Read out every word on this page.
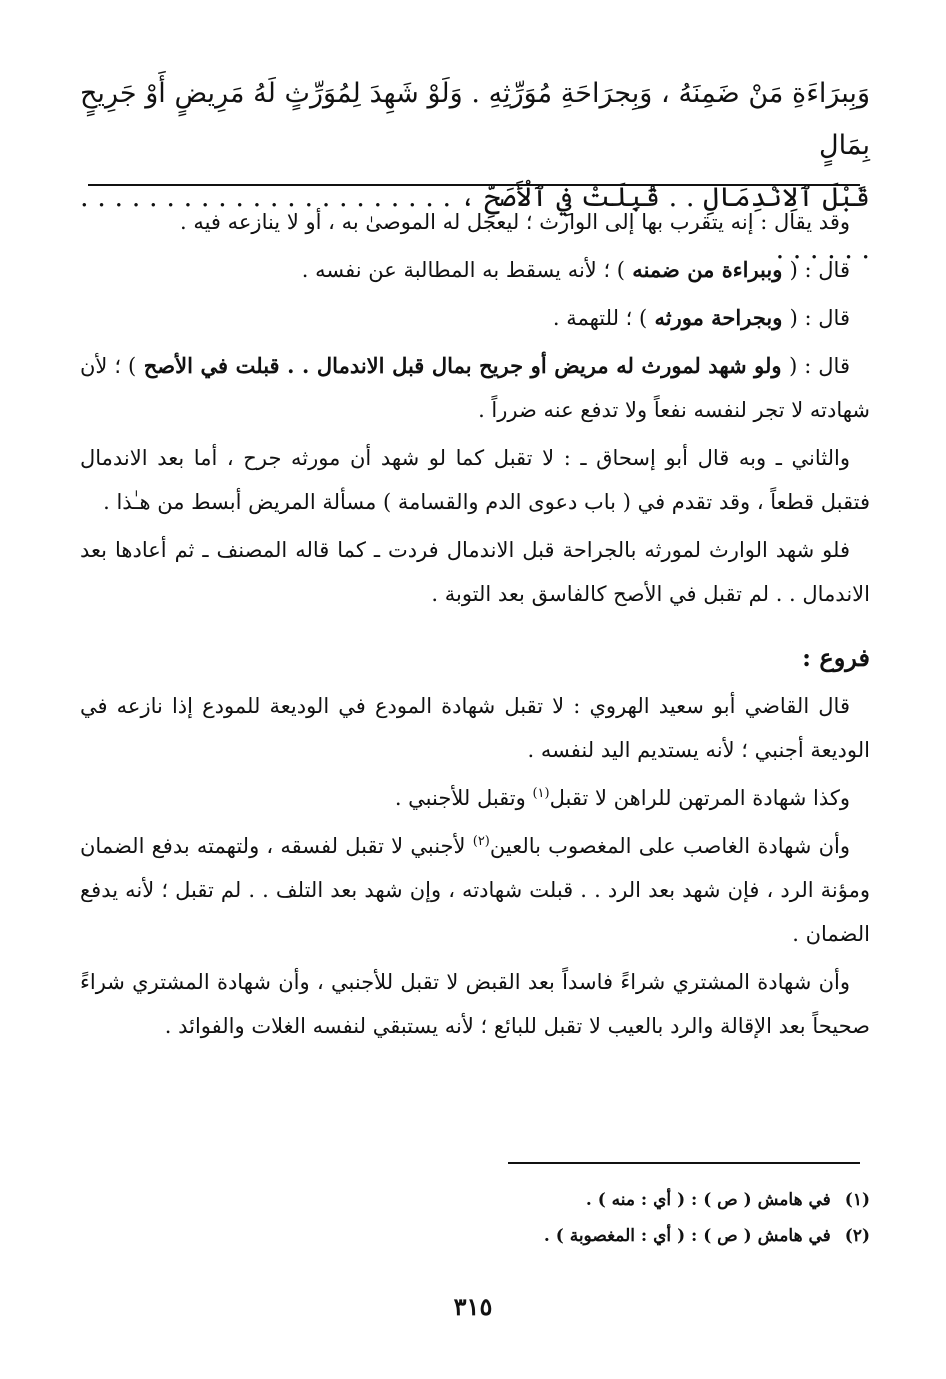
وَبِبرَاءَةِ مَنْ ضَمِنَهُ ، وَبِجرَاحَةِ مُوَرِّثِهِ . وَلَوْ شَهِدَ لِمُوَرِّثٍ لَهُ مَرِيضٍ أَوْ جَرِيحٍ بِمَالٍ

قَبْلَ ٱلِانْدِمَالِ . . قُبِلَتْ فِي ٱلْأَصَحِّ ، . . . . . . . . . . . . . . . . . . . . . . . . . . . .

وقد يقال : إنه يتقرب بها إلى الوارث ؛ ليعجل له الموصىٰ به ، أو لا ينازعه فيه .

قال : ( وببراءة من ضمنه ) ؛ لأنه يسقط به المطالبة عن نفسه .

قال : ( وبجراحة مورثه ) ؛ للتهمة .

قال : ( ولو شهد لمورث له مريض أو جريح بمال قبل الاندمال . . قبلت في الأصح ) ؛ لأن شهادته لا تجر لنفسه نفعاً ولا تدفع عنه ضرراً .

والثاني ـ وبه قال أبو إسحاق ـ : لا تقبل كما لو شهد أن مورثه جرح ، أما بعد الاندمال فتقبل قطعاً ، وقد تقدم في ( باب دعوى الدم والقسامة ) مسألة المريض أبسط من هـٰذا .

فلو شهد الوارث لمورثه بالجراحة قبل الاندمال فردت ـ كما قاله المصنف ـ ثم أعادها بعد الاندمال . . لم تقبل في الأصح كالفاسق بعد التوبة .

فروع :

قال القاضي أبو سعيد الهروي : لا تقبل شهادة المودع في الوديعة للمودع إذا نازعه في الوديعة أجنبي ؛ لأنه يستديم اليد لنفسه .

وكذا شهادة المرتهن للراهن لا تقبل$^{(١)}$ وتقبل للأجنبي .

وأن شهادة الغاصب على المغصوب بالعين$^{(٢)}$ لأجنبي لا تقبل لفسقه ، ولتهمته بدفع الضمان ومؤنة الرد ، فإن شهد بعد الرد . . قبلت شهادته ، وإن شهد بعد التلف . . لم تقبل ؛ لأنه يدفع الضمان .

وأن شهادة المشتري شراءً فاسداً بعد القبض لا تقبل للأجنبي ، وأن شهادة المشتري شراءً صحيحاً بعد الإقالة والرد بالعيب لا تقبل للبائع ؛ لأنه يستبقي لنفسه الغلات والفوائد .

(١)
في هامش ( ص ) : ( أي : منه ) .
(٢)
في هامش ( ص ) : ( أي : المغصوبة ) .
٣١٥
